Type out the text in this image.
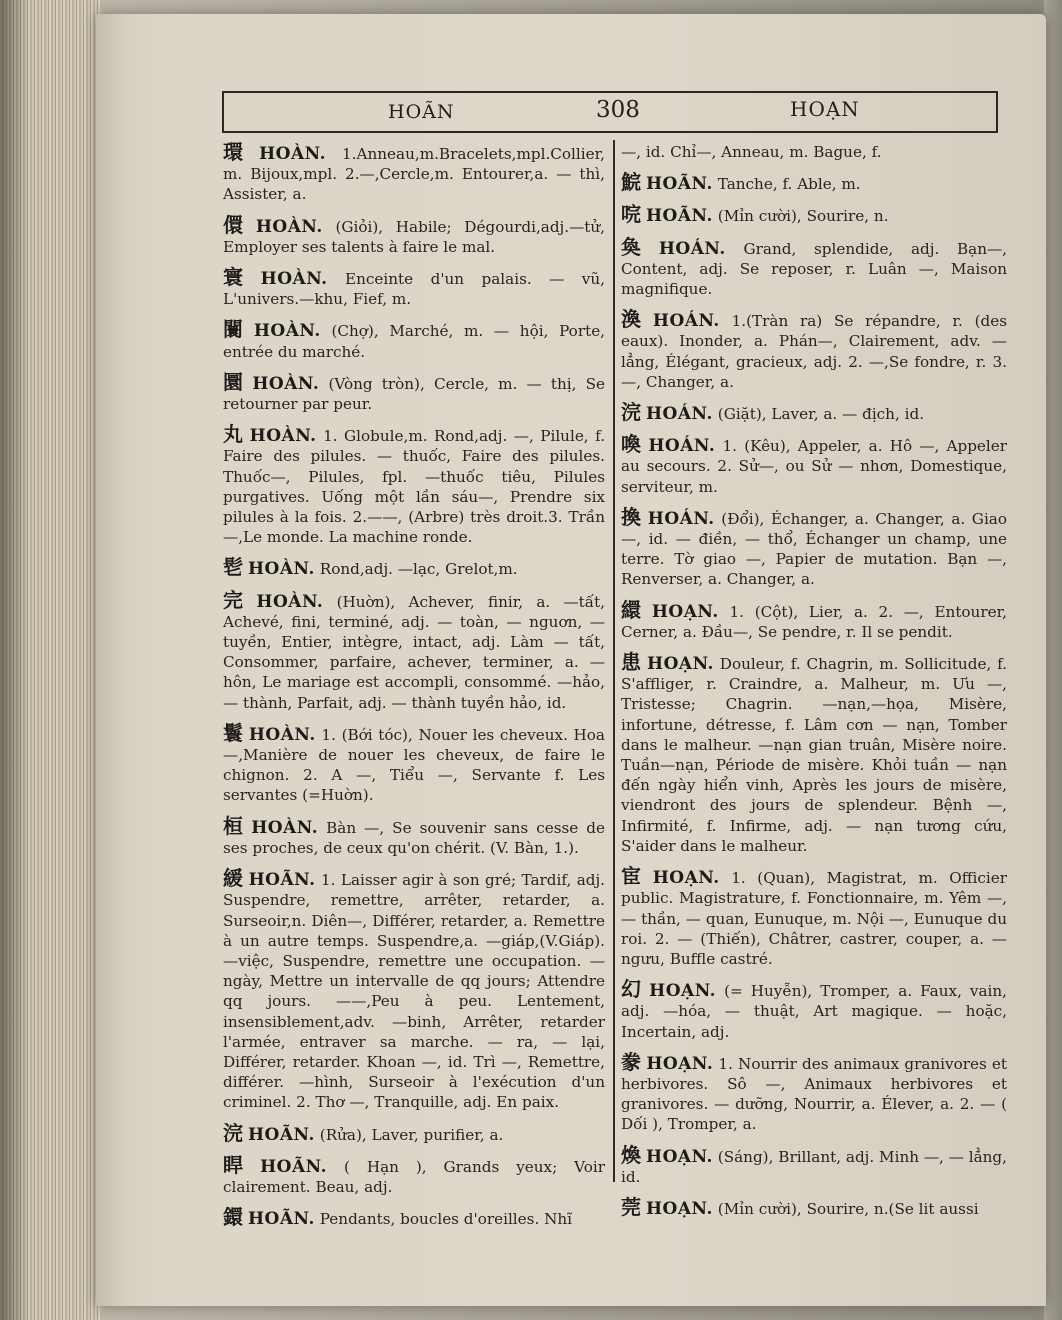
HOÃN	308	HOẠN
環 HOÀN. 1.Anneau,m.Bracelets,mpl.Collier, m. Bijoux,mpl. 2.—,Cercle,m. Entourer,a. — thì, Assister, a.
儇 HOÀN. (Giỏi), Habile; Dégourdi,adj.—tử, Employer ses talents à faire le mal.
寰 HOÀN. Enceinte d'un palais. — vũ, L'univers.—khu, Fief, m.
闤 HOÀN. (Chợ), Marché, m. — hội, Porte, entrée du marché.
圜 HOÀN. (Vòng tròn), Cercle, m. — thị, Se retourner par peur.
丸 HOÀN. 1. Globule,m. Rond,adj. —, Pilule, f. Faire des pilules. — thuốc, Faire des pilules. Thuốc—, Pilules, fpl. —thuốc tiêu, Pilules purgatives. Uống một lần sáu—, Prendre six pilules à la fois. 2.——, (Arbre) très droit.3. Trần—,Le monde. La machine ronde.
𩫷 HOÀN. Rond,adj. —lạc, Grelot,m.
完 HOÀN. (Huờn), Achever, finir, a. —tất, Achevé, fini, terminé, adj. — toàn, — nguơn, — tuyền, Entier, intègre, intact, adj. Làm — tất, Consommer, parfaire, achever, terminer, a. — hôn, Le mariage est accompli, consommé. —hảo, — thành, Parfait, adj. — thành tuyền hảo, id.
鬟 HOÀN. 1. (Bới tóc), Nouer les cheveux. Hoa —,Manière de nouer les cheveux, de faire le chignon. 2. A —, Tiểu —, Servante f. Les servantes (=Huờn).
桓 HOÀN. Bàn —, Se souvenir sans cesse de ses proches, de ceux qu'on chérit. (V. Bàn, 1.).
緩 HOÃN. 1. Laisser agir à son gré; Tardif, adj. Suspendre, remettre, arrêter, retarder, a. Surseoir,n. Diên—, Différer, retarder, a. Remettre à un autre temps. Suspendre,a. —giáp,(V.Giáp). —việc, Suspendre, remettre une occupation. —ngày, Mettre un intervalle de qq jours; Attendre qq jours. ——,Peu à peu. Lentement, insensiblement,adv. —binh, Arrêter, retarder l'armée, entraver sa marche. — ra, — lại, Différer, retarder. Khoan —, id. Trì —, Remettre, différer. —hình, Surseoir à l'exécution d'un criminel. 2. Thơ —, Tranquille, adj. En paix.
浣 HOÃN. (Rửa), Laver, purifier, a.
睅 HOÃN. ( Hạn ), Grands yeux; Voir clairement. Beau, adj.
鐶 HOÃN. Pendants, boucles d'oreilles. Nhĩ
—, id. Chỉ—, Anneau, m. Bague, f.
鯇 HOÃN. Tanche, f. Able, m.
唍 HOÃN. (Mỉn cười), Sourire, n.
奐 HOÁN. Grand, splendide, adj. Bạn—, Content, adj. Se reposer, r. Luân —, Maison magnifique.
渙 HOÁN. 1.(Tràn ra) Se répandre, r. (des eaux). Inonder, a. Phán—, Clairement, adv. —lẳng, Élégant, gracieux, adj. 2. —,Se fondre, r. 3. —, Changer, a.
浣 HOÁN. (Giặt), Laver, a. — địch, id.
喚 HOÁN. 1. (Kêu), Appeler, a. Hô —, Appeler au secours. 2. Sử—, ou Sử — nhơn, Domestique, serviteur, m.
換 HOÁN. (Đổi), Échanger, a. Changer, a. Giao —, id. — điền, — thổ, Échanger un champ, une terre. Tờ giao —, Papier de mutation. Bạn —, Renverser, a. Changer, a.
繯 HOẠN. 1. (Cột), Lier, a. 2. —, Entourer, Cerner, a. Đầu—, Se pendre, r. Il se pendit.
患 HOẠN. Douleur, f. Chagrin, m. Sollicitude, f. S'affliger, r. Craindre, a. Malheur, m. Ưu —, Tristesse; Chagrin. —nạn,—họa, Misère, infortune, détresse, f. Lâm cơn — nạn, Tomber dans le malheur. —nạn gian truân, Misère noire. Tuần—nạn, Période de misère. Khỏi tuần — nạn đến ngày hiển vinh, Après les jours de misère, viendront des jours de splendeur. Bệnh —, Infirmité, f. Infirme, adj. — nạn tương cứu, S'aider dans le malheur.
宦 HOẠN. 1. (Quan), Magistrat, m. Officier public. Magistrature, f. Fonctionnaire, m. Yêm —, — thần, — quan, Eunuque, m. Nội —, Eunuque du roi. 2. — (Thiến), Châtrer, castrer, couper, a. — ngưu, Buffle castré.
幻 HOẠN. (= Huyễn), Tromper, a. Faux, vain, adj. —hóa, — thuật, Art magique. — hoặc, Incertain, adj.
豢 HOẠN. 1. Nourrir des animaux granivores et herbivores. Sô —, Animaux herbivores et granivores. — dưỡng, Nourrir, a. Élever, a. 2. — ( Dối ), Tromper, a.
煥 HOẠN. (Sáng), Brillant, adj. Minh —, — lẳng, id.
莞 HOẠN. (Mỉn cười), Sourire, n.(Se lit aussi
